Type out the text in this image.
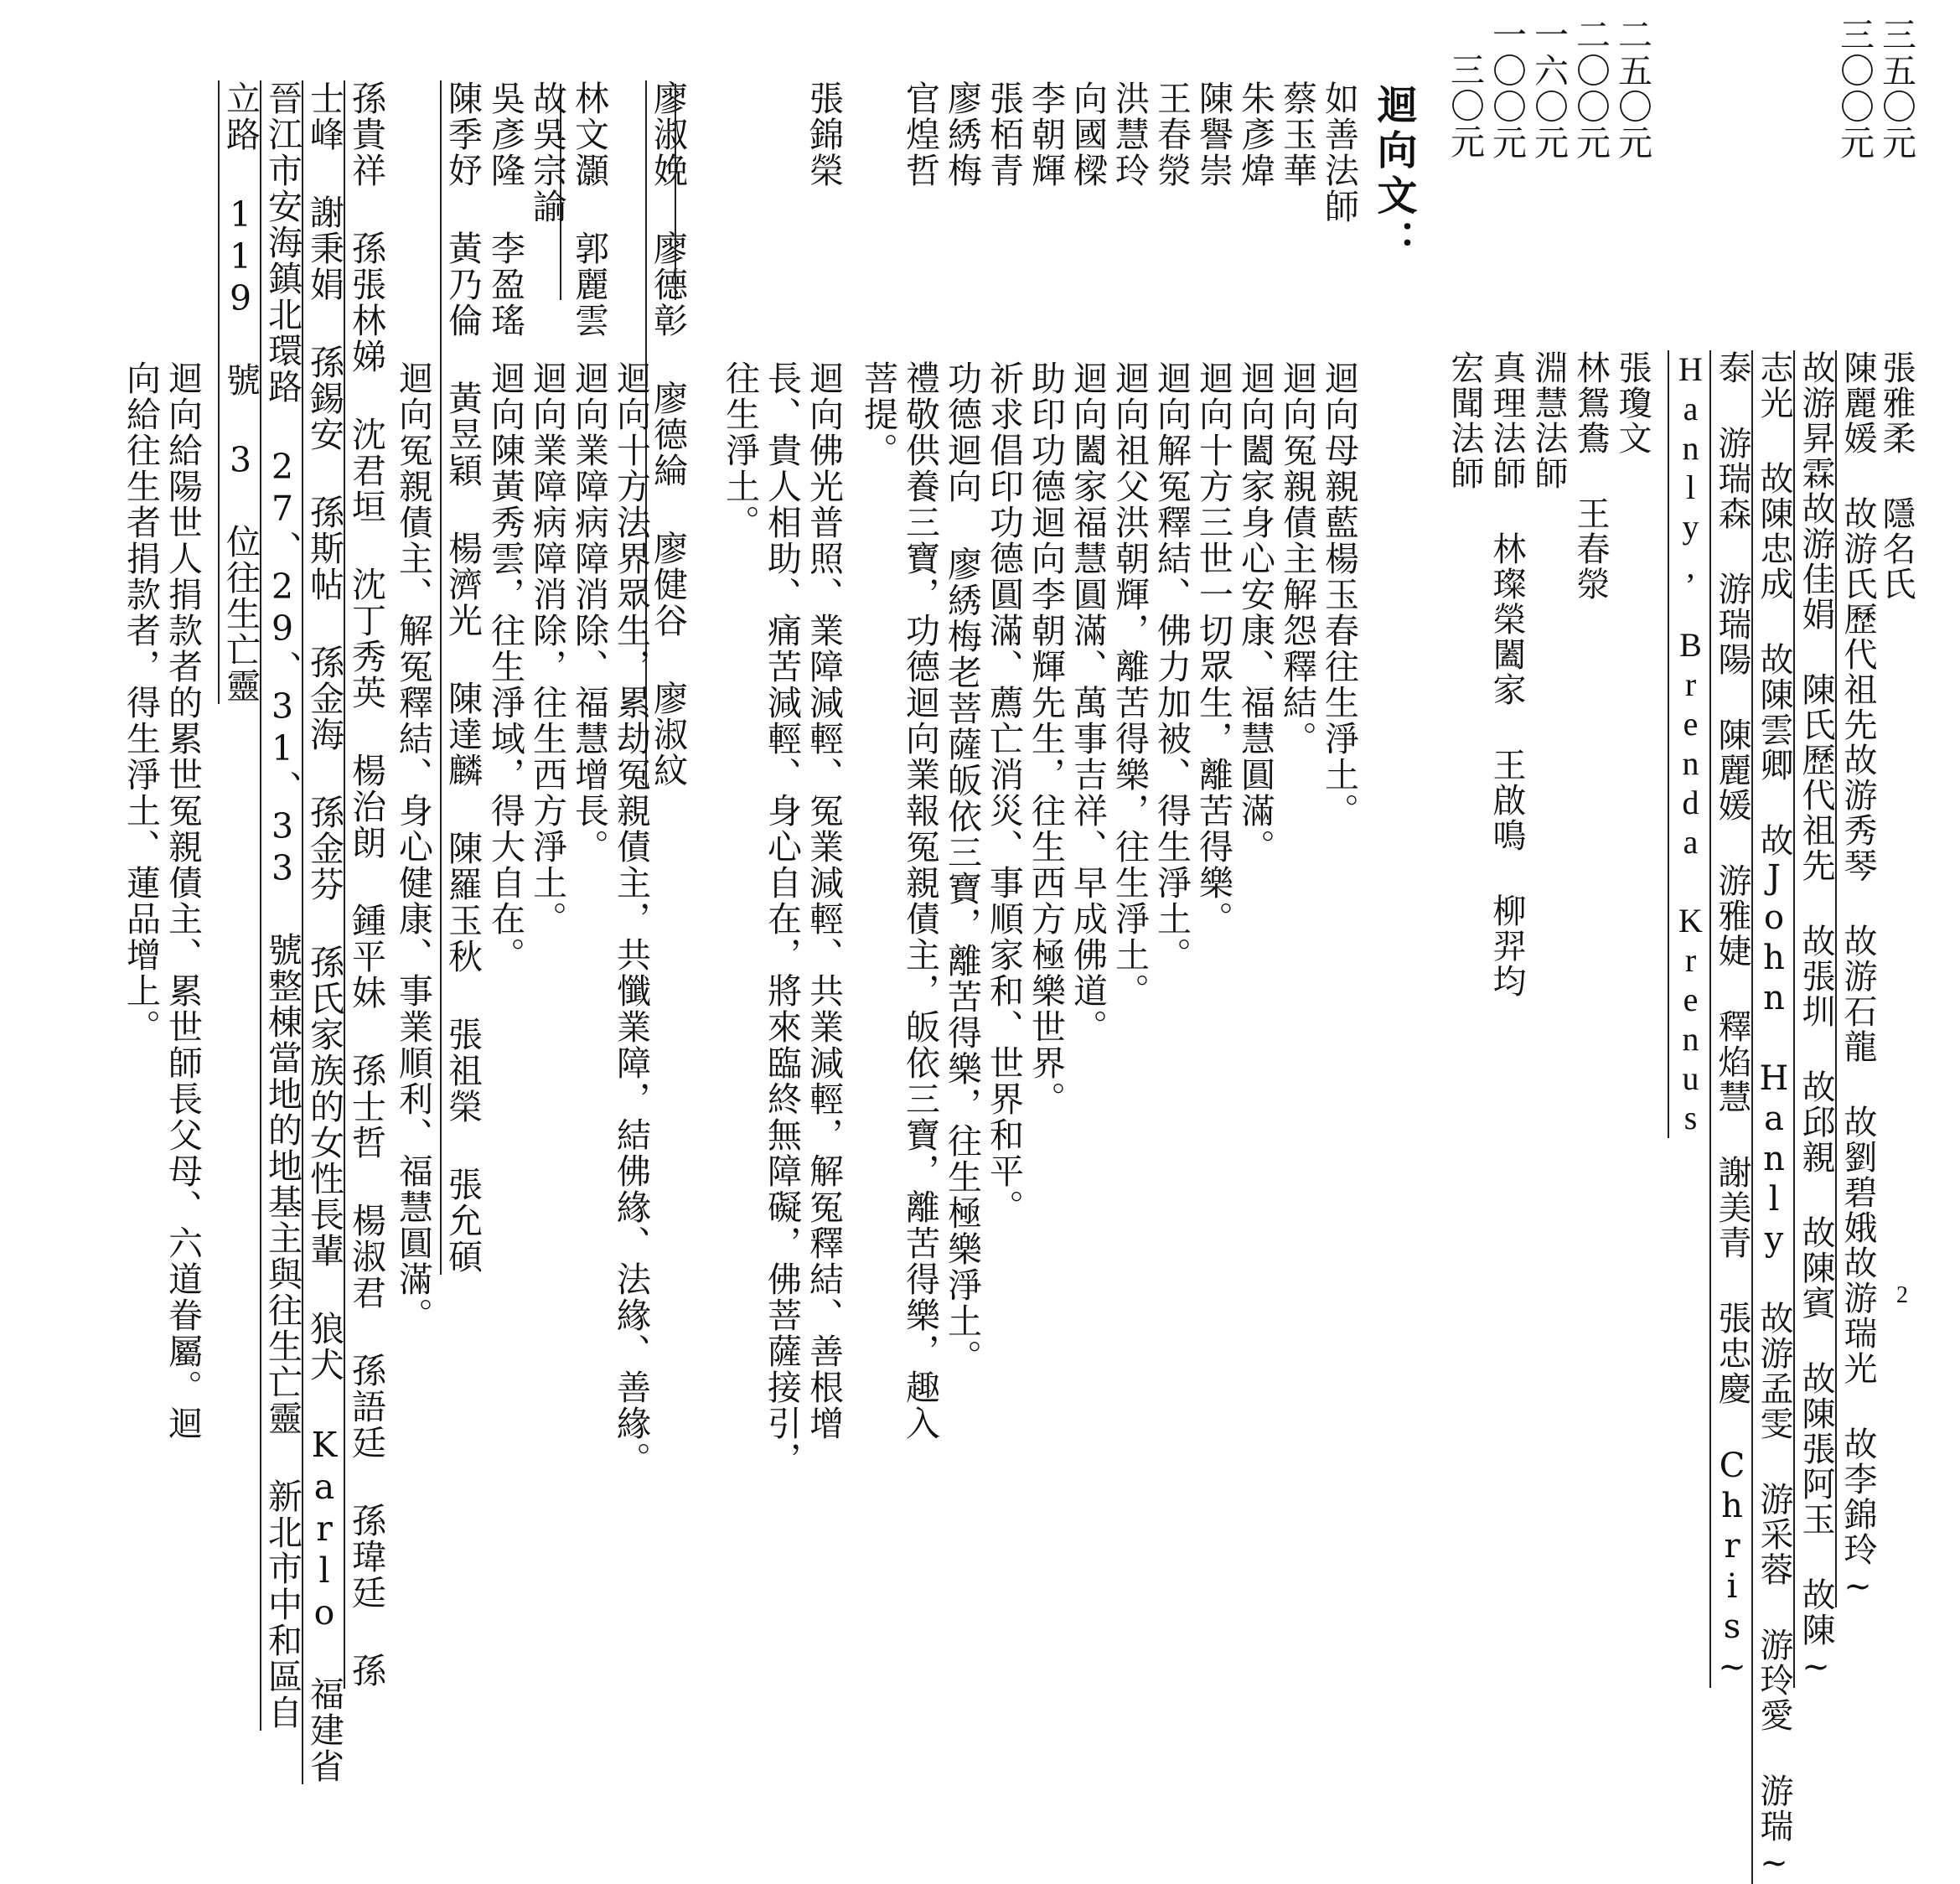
2
三五〇元
三〇〇元
二五〇元
二〇〇元
一六〇元
一〇〇元
三〇元
張雅柔 隱名氏
陳麗媛 故游氏歷代祖先故游秀琴 故游石龍 故劉碧娥故游瑞光 故李錦玲~
故游昇霖故游佳娟 陳氏歷代祖先 故張圳 故邱親 故陳賓 故陳張阿玉 故陳~
志光 故陳忠成 故陳雲卿 故John Hanly 故游孟雯 游采蓉 游玲愛 游瑞~
泰 游瑞森 游瑞陽 陳麗媛 游雅婕 釋焰慧 謝美青 張忠慶 Chris~
Hanly, Brenda Krenus
張瓊文
林鴛鴦 王春滎
淵慧法師
真理法師 林璨榮闔家 王啟鳴 柳羿均
宏聞法師
迴向文：
如善法師
蔡玉華
朱彥煒
陳譽崇
王春滎
洪慧玲
向國樑
李朝輝
張栢青
廖綉梅
官煌哲
張錦榮
迴向母親藍楊玉春往生淨土。
迴向冤親債主解怨釋結。
迴向闔家身心安康、福慧圓滿。
迴向十方三世一切眾生，離苦得樂。
迴向解冤釋結、佛力加被、得生淨土。
迴向祖父洪朝輝，離苦得樂，往生淨土。
迴向闔家福慧圓滿、萬事吉祥、早成佛道。
助印功德迴向李朝輝先生，往生西方極樂世界。
祈求倡印功德圓滿、薦亡消災、事順家和、世界和平。
功德迴向 廖綉梅老菩薩皈依三寶，離苦得樂，往生極樂淨土。
禮敬供養三寶，功德迴向業報冤親債主，皈依三寶，離苦得樂，趣入
菩提。
迴向佛光普照、業障減輕、冤業減輕、共業減輕，解冤釋結、善根增
長、貴人相助、痛苦減輕、身心自在，將來臨終無障礙，佛菩薩接引，
往生淨土。
廖淑娩 廖德彰 廖德綸 廖健谷 廖淑紋
迴向十方法界眾生，累劫冤親債主，共懺業障，結佛緣、法緣、善緣。
迴向業障病障消除、福慧增長。
迴向業障病障消除，往生西方淨土。
迴向陳黃秀雲，往生淨域，得大自在。
迴向冤親債主、解冤釋結、身心健康、事業順利、福慧圓滿。
林文灝 郭麗雲
故吳宗諭
吳彥隆 李盈瑤
陳季妤 黃乃倫 黃昱穎 楊濟光 陳達麟 陳羅玉秋 張祖榮 張允碩
孫貴祥 孫張林娣 沈君垣 沈丁秀英 楊治朗 鍾平妹 孫士哲 楊淑君 孫語廷 孫瑋廷 孫
士峰 謝秉娟 孫錫安 孫斯帖 孫金海 孫金芬 孫氏家族的女性長輩 狼犬 Karlo 福建省
晉江市安海鎮北環路 27、29、31、33 號整棟當地的地基主與往生亡靈 新北市中和區自
立路 119 號 3 位往生亡靈
迴向給陽世人捐款者的累世冤親債主、累世師長父母、六道眷屬。迴
向給往生者捐款者，得生淨土、蓮品增上。
